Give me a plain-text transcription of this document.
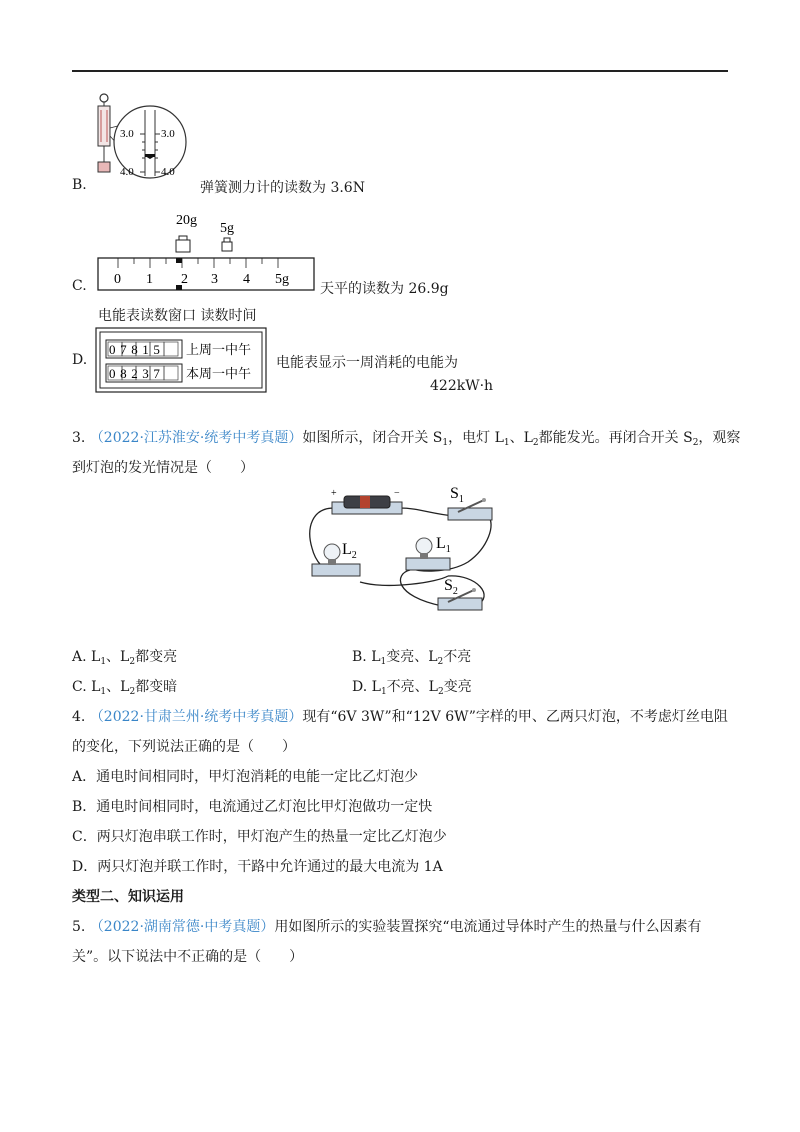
3.0 3.0
4.0 4.0
B.	弹簧测力计的读数为 3.6N
20g
5g
0 1 2 3 4 5g
C.	天平的读数为 26.9g
电能表读数窗口 读数时间
07815
08237
上周一中午
本周一中午
D.	电能表显示一周消耗的电能为
422kW·h
3. （2022·江苏淮安·统考中考真题）如图所示，闭合开关 $S_1$，电灯 $L_1$、$L_2$都能发光。再闭合开关 $S_2$，观察
到灯泡的发光情况是（　　）
+	−	$S_1$
$L_2$
$L_1$
$S_2$
A. $L_1$、$L_2$都变亮	B. $L_1$变亮、$L_2$不亮
C. $L_1$、$L_2$都变暗	D. $L_1$不亮、$L_2$变亮
4. （2022·甘肃兰州·统考中考真题）现有“6V 3W”和“12V 6W”字样的甲、乙两只灯泡，不考虑灯丝电阻
的变化，下列说法正确的是（　　）
A．通电时间相同时，甲灯泡消耗的电能一定比乙灯泡少
B．通电时间相同时，电流通过乙灯泡比甲灯泡做功一定快
C．两只灯泡串联工作时，甲灯泡产生的热量一定比乙灯泡少
D．两只灯泡并联工作时，干路中允许通过的最大电流为 1A
类型二、知识运用
5. （2022·湖南常德·中考真题）用如图所示的实验装置探究“电流通过导体时产生的热量与什么因素有
关”。以下说法中不正确的是（　　）
